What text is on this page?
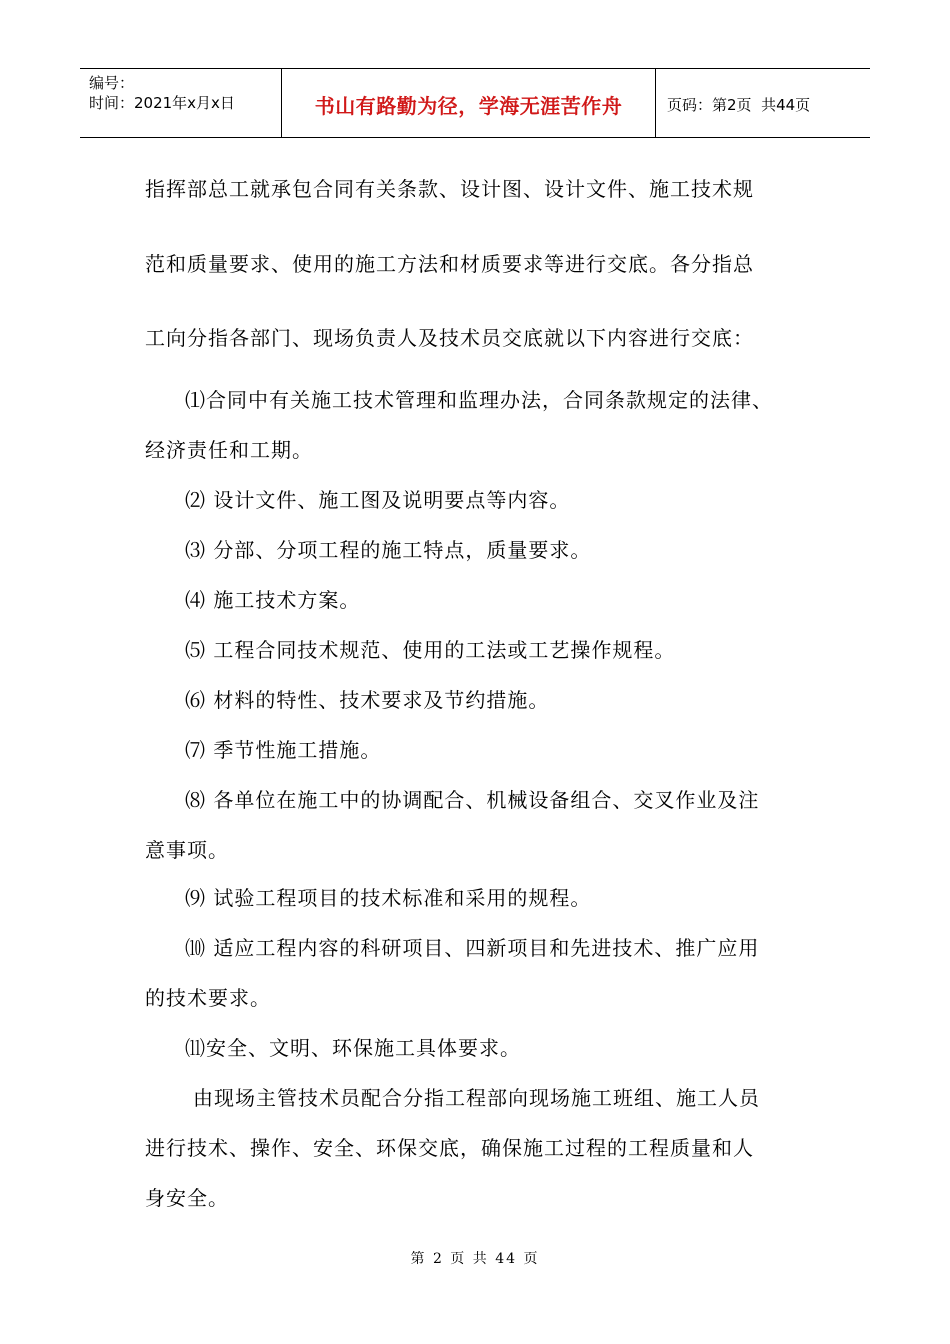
编号：
时间：2021年x月x日	书山有路勤为径，学海无涯苦作舟	页码：第2页  共44页
指挥部总工就承包合同有关条款、设计图、设计文件、施工技术规
范和质量要求、使用的施工方法和材质要求等进行交底。各分指总
工向分指各部门、现场负责人及技术员交底就以下内容进行交底：
⑴合同中有关施工技术管理和监理办法，合同条款规定的法律、
经济责任和工期。
⑵ 设计文件、施工图及说明要点等内容。
⑶ 分部、分项工程的施工特点，质量要求。
⑷ 施工技术方案。
⑸ 工程合同技术规范、使用的工法或工艺操作规程。
⑹ 材料的特性、技术要求及节约措施。
⑺ 季节性施工措施。
⑻ 各单位在施工中的协调配合、机械设备组合、交叉作业及注
意事项。
⑼ 试验工程项目的技术标准和采用的规程。
⑽ 适应工程内容的科研项目、四新项目和先进技术、推广应用
的技术要求。
⑾安全、文明、环保施工具体要求。
由现场主管技术员配合分指工程部向现场施工班组、施工人员
进行技术、操作、安全、环保交底，确保施工过程的工程质量和人
身安全。
第 2 页 共 44 页
